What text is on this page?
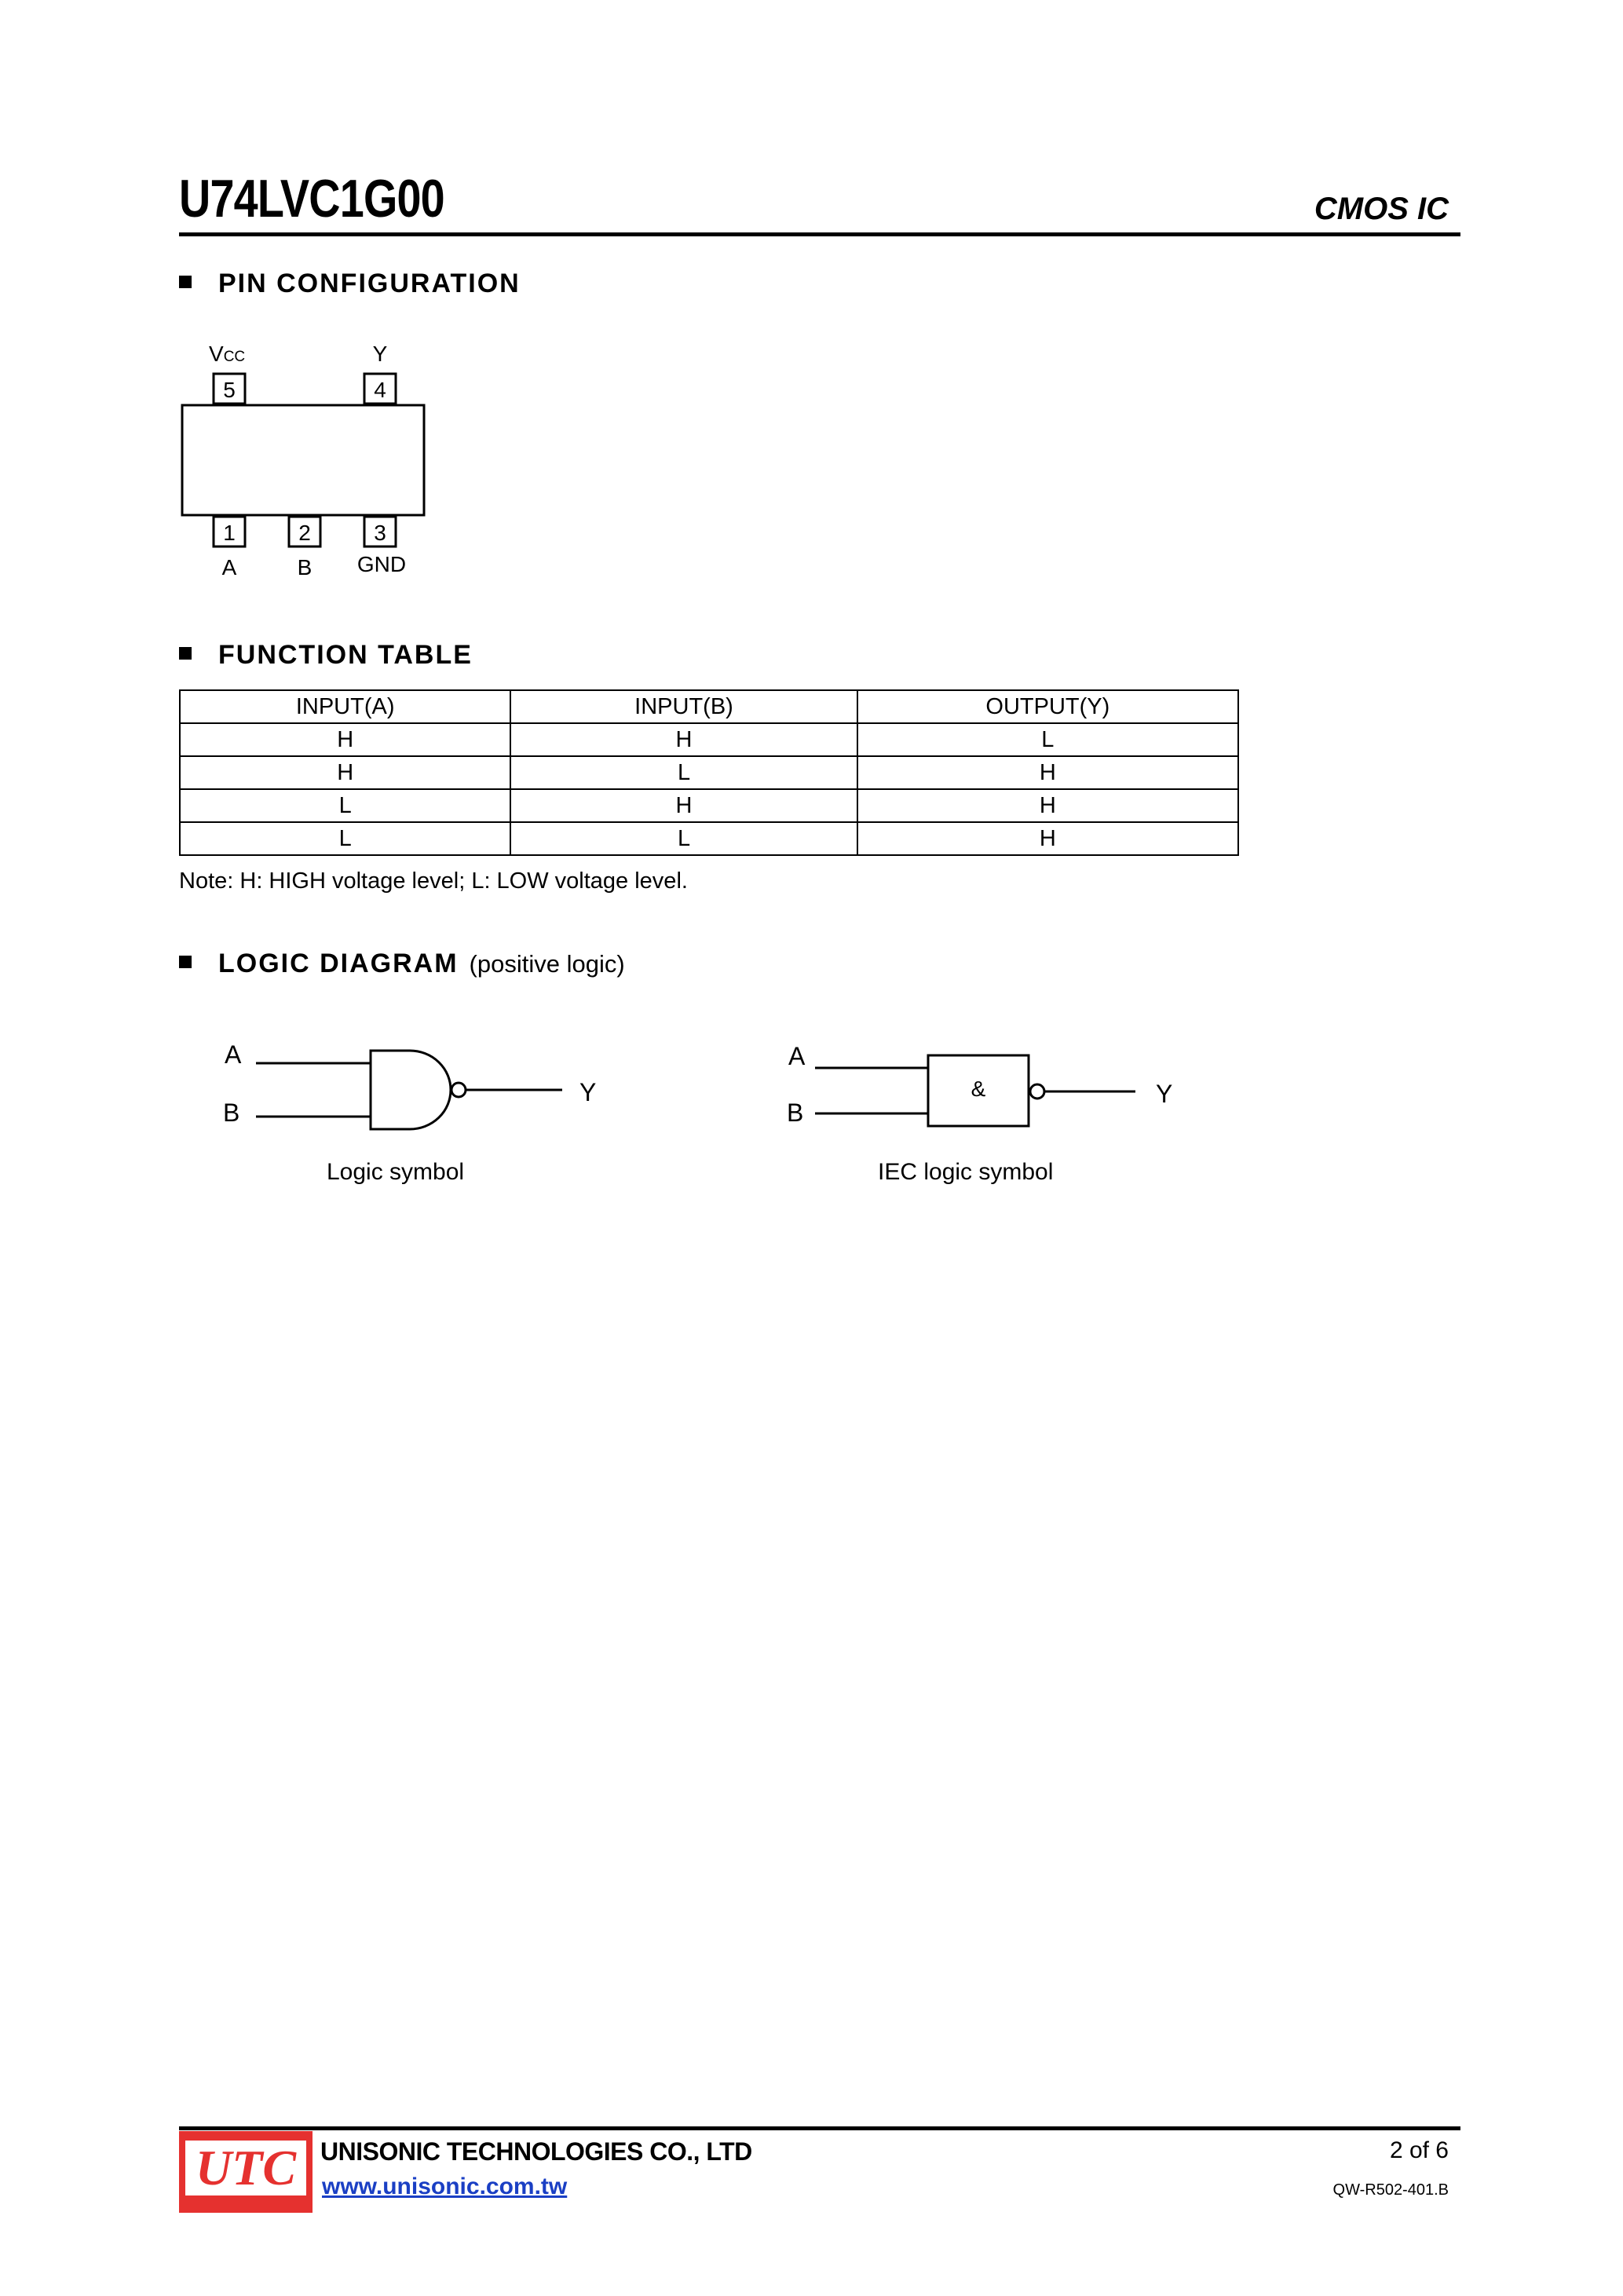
U74LVC1G00	CMOS IC
PIN CONFIGURATION
5	4
VCC	Y
1	2	3
A	B GND
FUNCTION TABLE
INPUT(A)	INPUT(B)	OUTPUT(Y)
H	H	L
H	L	H
L	H	H
L	L	H
Note: H: HIGH voltage level; L: LOW voltage level.
LOGIC DIAGRAM (positive logic)
A
B
Y
Logic symbol
A
B
&	Y
IEC logic symbol
UTC UNISONIC TECHNOLOGIES CO., LTD
www.unisonic.com.tw
2 of 6
QW-R502-401.B
